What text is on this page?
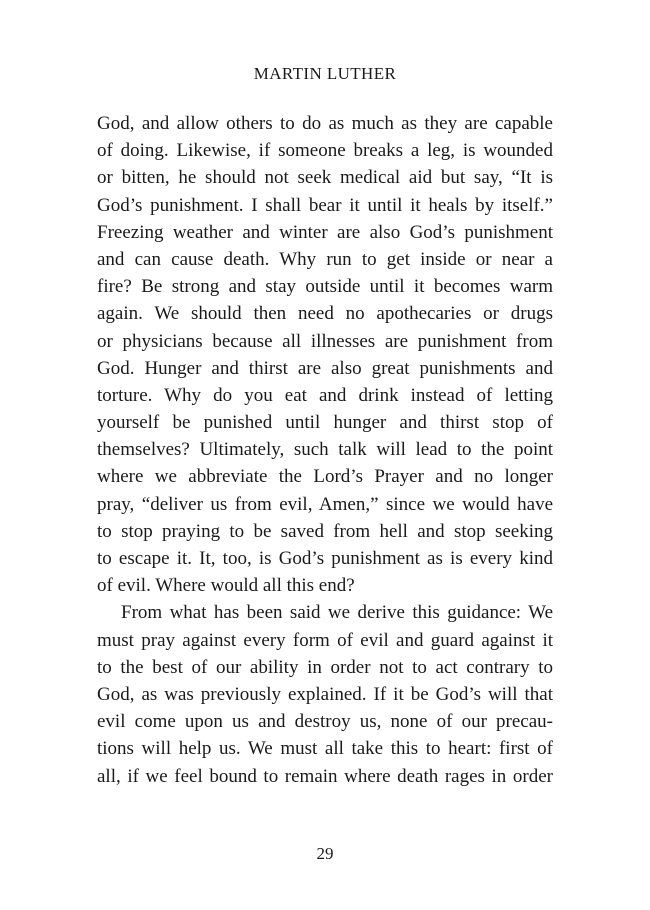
MARTIN LUTHER
God, and allow others to do as much as they are capable
of doing. Likewise, if someone breaks a leg, is wounded
or bitten, he should not seek medical aid but say, “It is
God’s punishment. I shall bear it until it heals by itself.”
Freezing weather and winter are also God’s punishment
and can cause death. Why run to get inside or near a
fire? Be strong and stay outside until it becomes warm
again. We should then need no apothecaries or drugs
or physicians because all illnesses are punishment from
God. Hunger and thirst are also great punishments and
torture. Why do you eat and drink instead of letting
yourself be punished until hunger and thirst stop of
themselves? Ultimately, such talk will lead to the point
where we abbreviate the Lord’s Prayer and no longer
pray, “deliver us from evil, Amen,” since we would have
to stop praying to be saved from hell and stop seeking
to escape it. It, too, is God’s punishment as is every kind
of evil. Where would all this end?
From what has been said we derive this guidance: We
must pray against every form of evil and guard against it
to the best of our ability in order not to act contrary to
God, as was previously explained. If it be God’s will that
evil come upon us and destroy us, none of our precau-
tions will help us. We must all take this to heart: first of
all, if we feel bound to remain where death rages in order
29
